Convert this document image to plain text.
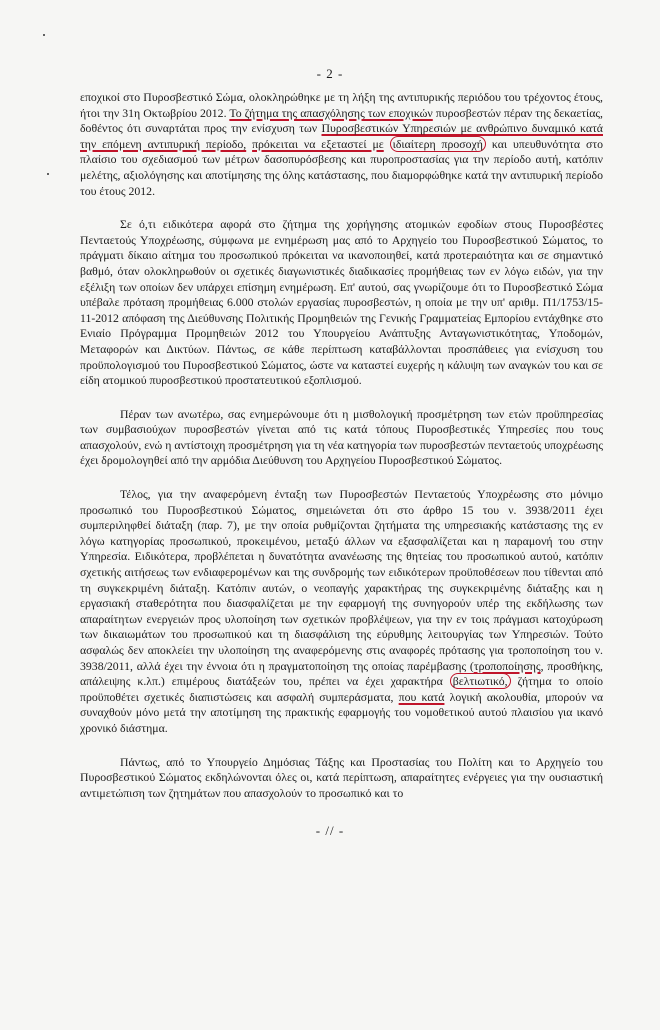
- 2 -

εποχικοί στο Πυροσβεστικό Σώμα, ολοκληρώθηκε με τη λήξη της αντιπυρικής περιόδου του τρέχοντος έτους, ήτοι την 31η Οκτωβρίου 2012. Το ζήτημα της απασχόλησης των εποχικών πυροσβεστών πέραν της δεκαετίας, δοθέντος ότι συναρτάται προς την ενίσχυση των Πυροσβεστικών Υπηρεσιών με ανθρώπινο δυναμικό κατά την επόμενη αντιπυρική περίοδο, πρόκειται να εξεταστεί με ιδιαίτερη προσοχή και υπευθυνότητα στο πλαίσιο του σχεδιασμού των μέτρων δασοπυρόσβεσης και πυροπροστασίας για την περίοδο αυτή, κατόπιν μελέτης, αξιολόγησης και αποτίμησης της όλης κατάστασης, που διαμορφώθηκε κατά την αντιπυρική περίοδο του έτους 2012.

Σε ό,τι ειδικότερα αφορά στο ζήτημα της χορήγησης ατομικών εφοδίων στους Πυροσβέστες Πενταετούς Υποχρέωσης, σύμφωνα με ενημέρωση μας από το Αρχηγείο του Πυροσβεστικού Σώματος, το πράγματι δίκαιο αίτημα του προσωπικού πρόκειται να ικανοποιηθεί, κατά προτεραιότητα και σε σημαντικό βαθμό, όταν ολοκληρωθούν οι σχετικές διαγωνιστικές διαδικασίες προμήθειας των εν λόγω ειδών, για την εξέλιξη των οποίων δεν υπάρχει επίσημη ενημέρωση. Επ' αυτού, σας γνωρίζουμε ότι το Πυροσβεστικό Σώμα υπέβαλε πρόταση προμήθειας 6.000 στολών εργασίας πυροσβεστών, η οποία με την υπ' αριθμ. Π1/1753/15-11-2012 απόφαση της Διεύθυνσης Πολιτικής Προμηθειών της Γενικής Γραμματείας Εμπορίου εντάχθηκε στο Ενιαίο Πρόγραμμα Προμηθειών 2012 του Υπουργείου Ανάπτυξης Ανταγωνιστικότητας, Υποδομών, Μεταφορών και Δικτύων. Πάντως, σε κάθε περίπτωση καταβάλλονται προσπάθειες για ενίσχυση του προϋπολογισμού του Πυροσβεστικού Σώματος, ώστε να καταστεί ευχερής η κάλυψη των αναγκών του και σε είδη ατομικού πυροσβεστικού προστατευτικού εξοπλισμού.

Πέραν των ανωτέρω, σας ενημερώνουμε ότι η μισθολογική προσμέτρηση των ετών προϋπηρεσίας των συμβασιούχων πυροσβεστών γίνεται από τις κατά τόπους Πυροσβεστικές Υπηρεσίες που τους απασχολούν, ενώ η αντίστοιχη προσμέτρηση για τη νέα κατηγορία των πυροσβεστών πενταετούς υποχρέωσης έχει δρομολογηθεί από την αρμόδια Διεύθυνση του Αρχηγείου Πυροσβεστικού Σώματος.

Τέλος, για την αναφερόμενη ένταξη των Πυροσβεστών Πενταετούς Υποχρέωσης στο μόνιμο προσωπικό του Πυροσβεστικού Σώματος, σημειώνεται ότι στο άρθρο 15 του ν. 3938/2011 έχει συμπεριληφθεί διάταξη (παρ. 7), με την οποία ρυθμίζονται ζητήματα της υπηρεσιακής κατάστασης της εν λόγω κατηγορίας προσωπικού, προκειμένου, μεταξύ άλλων να εξασφαλίζεται και η παραμονή του στην Υπηρεσία. Ειδικότερα, προβλέπεται η δυνατότητα ανανέωσης της θητείας του προσωπικού αυτού, κατόπιν σχετικής αιτήσεως των ενδιαφερομένων και της συνδρομής των ειδικότερων προϋποθέσεων που τίθενται από τη συγκεκριμένη διάταξη. Κατόπιν αυτών, ο νεοπαγής χαρακτήρας της συγκεκριμένης διάταξης και η εργασιακή σταθερότητα που διασφαλίζεται με την εφαρμογή της συνηγορούν υπέρ της εκδήλωσης των απαραίτητων ενεργειών προς υλοποίηση των σχετικών προβλέψεων, για την εν τοις πράγμασι κατοχύρωση των δικαιωμάτων του προσωπικού και τη διασφάλιση της εύρυθμης λειτουργίας των Υπηρεσιών. Τούτο ασφαλώς δεν αποκλείει την υλοποίηση της αναφερόμενης στις αναφορές πρότασης για τροποποίηση του ν. 3938/2011, αλλά έχει την έννοια ότι η πραγματοποίηση της οποίας παρέμβασης (τροποποίησης, προσθήκης, απάλειψης κ.λπ.) επιμέρους διατάξεών του, πρέπει να έχει χαρακτήρα βελτιωτικό, ζήτημα το οποίο προϋποθέτει σχετικές διαπιστώσεις και ασφαλή συμπεράσματα, που κατά λογική ακολουθία, μπορούν να συναχθούν μόνο μετά την αποτίμηση της πρακτικής εφαρμογής του νομοθετικού αυτού πλαισίου για ικανό χρονικό διάστημα.

Πάντως, από το Υπουργείο Δημόσιας Τάξης και Προστασίας του Πολίτη και το Αρχηγείο του Πυροσβεστικού Σώματος εκδηλώνονται όλες οι, κατά περίπτωση, απαραίτητες ενέργειες για την ουσιαστική αντιμετώπιση των ζητημάτων που απασχολούν το προσωπικό και το

- // -
